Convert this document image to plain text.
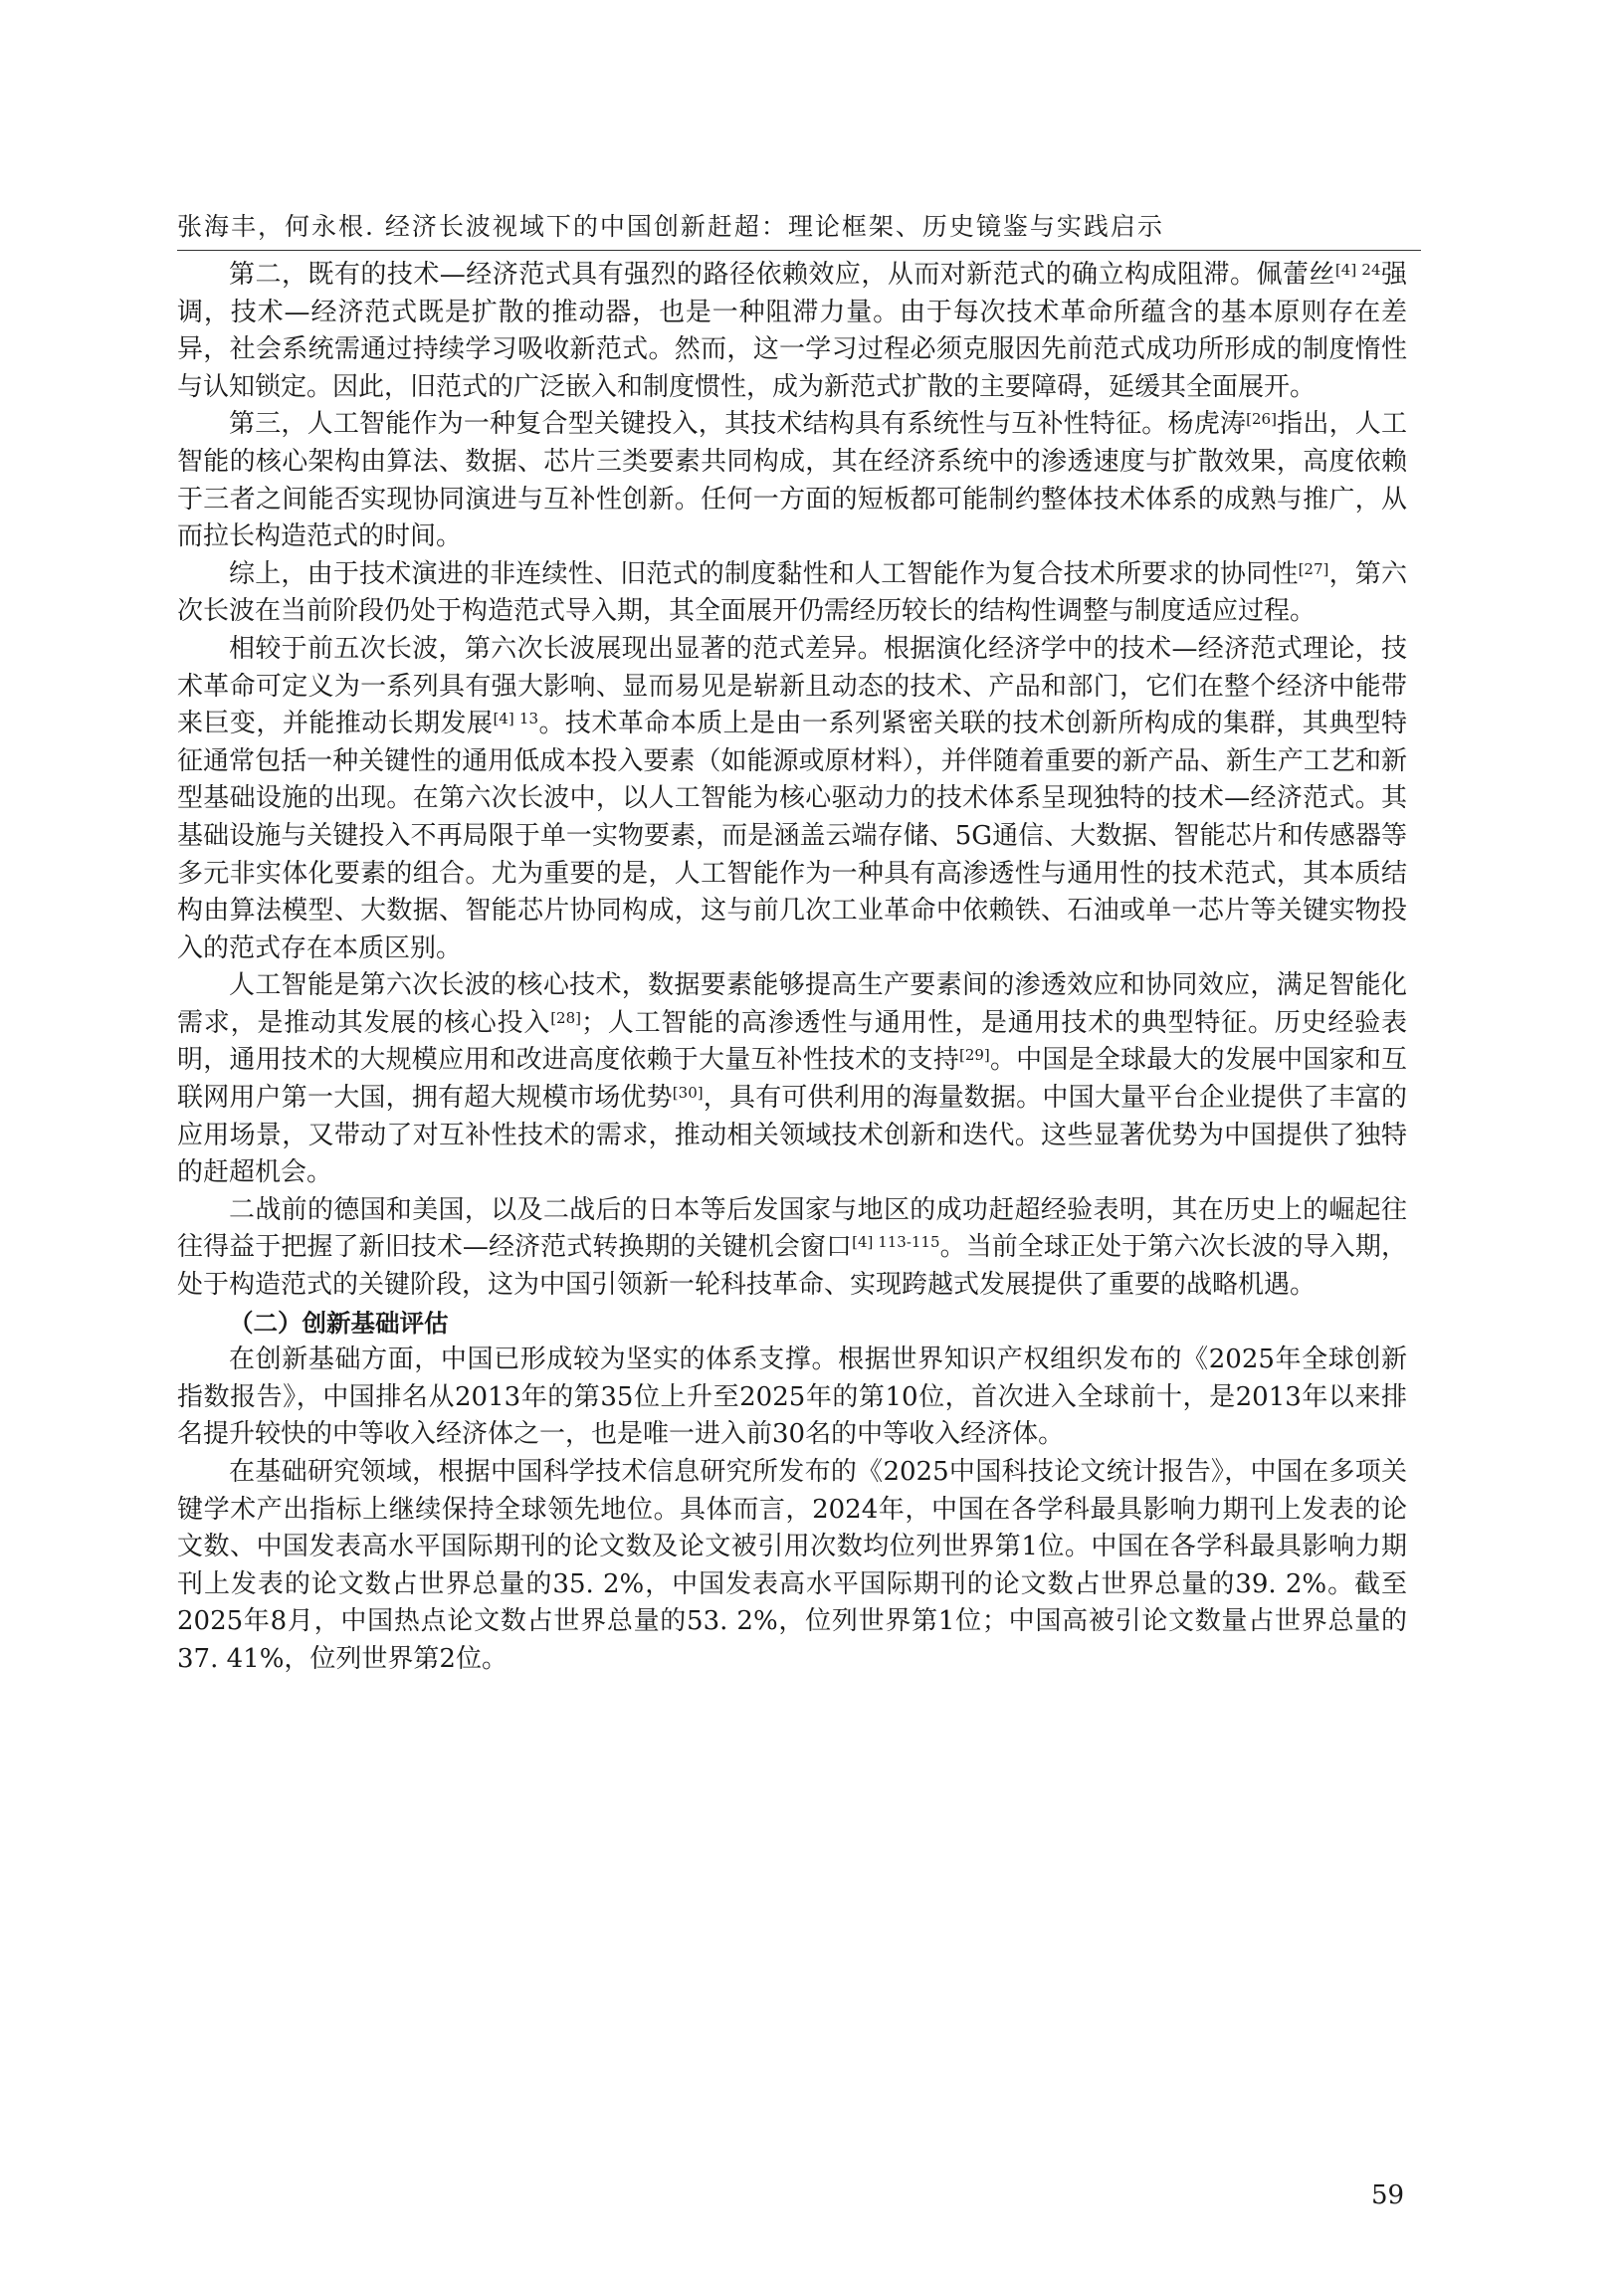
张海丰，何永根. 经济长波视域下的中国创新赶超：理论框架、历史镜鉴与实践启示

第二，既有的技术—经济范式具有强烈的路径依赖效应，从而对新范式的确立构成阻滞。佩蕾丝$^{[4] 24}$强调，技术—经济范式既是扩散的推动器，也是一种阻滞力量。由于每次技术革命所蕴含的基本原则存在差异，社会系统需通过持续学习吸收新范式。然而，这一学习过程必须克服因先前范式成功所形成的制度惰性与认知锁定。因此，旧范式的广泛嵌入和制度惯性，成为新范式扩散的主要障碍，延缓其全面展开。

第三，人工智能作为一种复合型关键投入，其技术结构具有系统性与互补性特征。杨虎涛[26]指出，人工智能的核心架构由算法、数据、芯片三类要素共同构成，其在经济系统中的渗透速度与扩散效果，高度依赖于三者之间能否实现协同演进与互补性创新。任何一方面的短板都可能制约整体技术体系的成熟与推广，从而拉长构造范式的时间。

综上，由于技术演进的非连续性、旧范式的制度黏性和人工智能作为复合技术所要求的协同性[27]，第六次长波在当前阶段仍处于构造范式导入期，其全面展开仍需经历较长的结构性调整与制度适应过程。

相较于前五次长波，第六次长波展现出显著的范式差异。根据演化经济学中的技术—经济范式理论，技术革命可定义为一系列具有强大影响、显而易见是崭新且动态的技术、产品和部门，它们在整个经济中能带来巨变，并能推动长期发展$^{[4] 13}$。技术革命本质上是由一系列紧密关联的技术创新所构成的集群，其典型特征通常包括一种关键性的通用低成本投入要素（如能源或原材料），并伴随着重要的新产品、新生产工艺和新型基础设施的出现。在第六次长波中，以人工智能为核心驱动力的技术体系呈现独特的技术—经济范式。其基础设施与关键投入不再局限于单一实物要素，而是涵盖云端存储、5G通信、大数据、智能芯片和传感器等多元非实体化要素的组合。尤为重要的是，人工智能作为一种具有高渗透性与通用性的技术范式，其本质结构由算法模型、大数据、智能芯片协同构成，这与前几次工业革命中依赖铁、石油或单一芯片等关键实物投入的范式存在本质区别。

人工智能是第六次长波的核心技术，数据要素能够提高生产要素间的渗透效应和协同效应，满足智能化需求，是推动其发展的核心投入[28]；人工智能的高渗透性与通用性，是通用技术的典型特征。历史经验表明，通用技术的大规模应用和改进高度依赖于大量互补性技术的支持[29]。中国是全球最大的发展中国家和互联网用户第一大国，拥有超大规模市场优势[30]，具有可供利用的海量数据。中国大量平台企业提供了丰富的应用场景，又带动了对互补性技术的需求，推动相关领域技术创新和迭代。这些显著优势为中国提供了独特的赶超机会。

二战前的德国和美国，以及二战后的日本等后发国家与地区的成功赶超经验表明，其在历史上的崛起往往得益于把握了新旧技术—经济范式转换期的关键机会窗口$^{[4] 113-115}$。当前全球正处于第六次长波的导入期，处于构造范式的关键阶段，这为中国引领新一轮科技革命、实现跨越式发展提供了重要的战略机遇。

（二）创新基础评估

在创新基础方面，中国已形成较为坚实的体系支撑。根据世界知识产权组织发布的《2025年全球创新指数报告》，中国排名从2013年的第35位上升至2025年的第10位，首次进入全球前十，是2013年以来排名提升较快的中等收入经济体之一，也是唯一进入前30名的中等收入经济体。

在基础研究领域，根据中国科学技术信息研究所发布的《2025中国科技论文统计报告》，中国在多项关键学术产出指标上继续保持全球领先地位。具体而言，2024年，中国在各学科最具影响力期刊上发表的论文数、中国发表高水平国际期刊的论文数及论文被引用次数均位列世界第1位。中国在各学科最具影响力期刊上发表的论文数占世界总量的35. 2%，中国发表高水平国际期刊的论文数占世界总量的39. 2%。截至2025年8月，中国热点论文数占世界总量的53. 2%，位列世界第1位；中国高被引论文数量占世界总量的37. 41%，位列世界第2位。

59
